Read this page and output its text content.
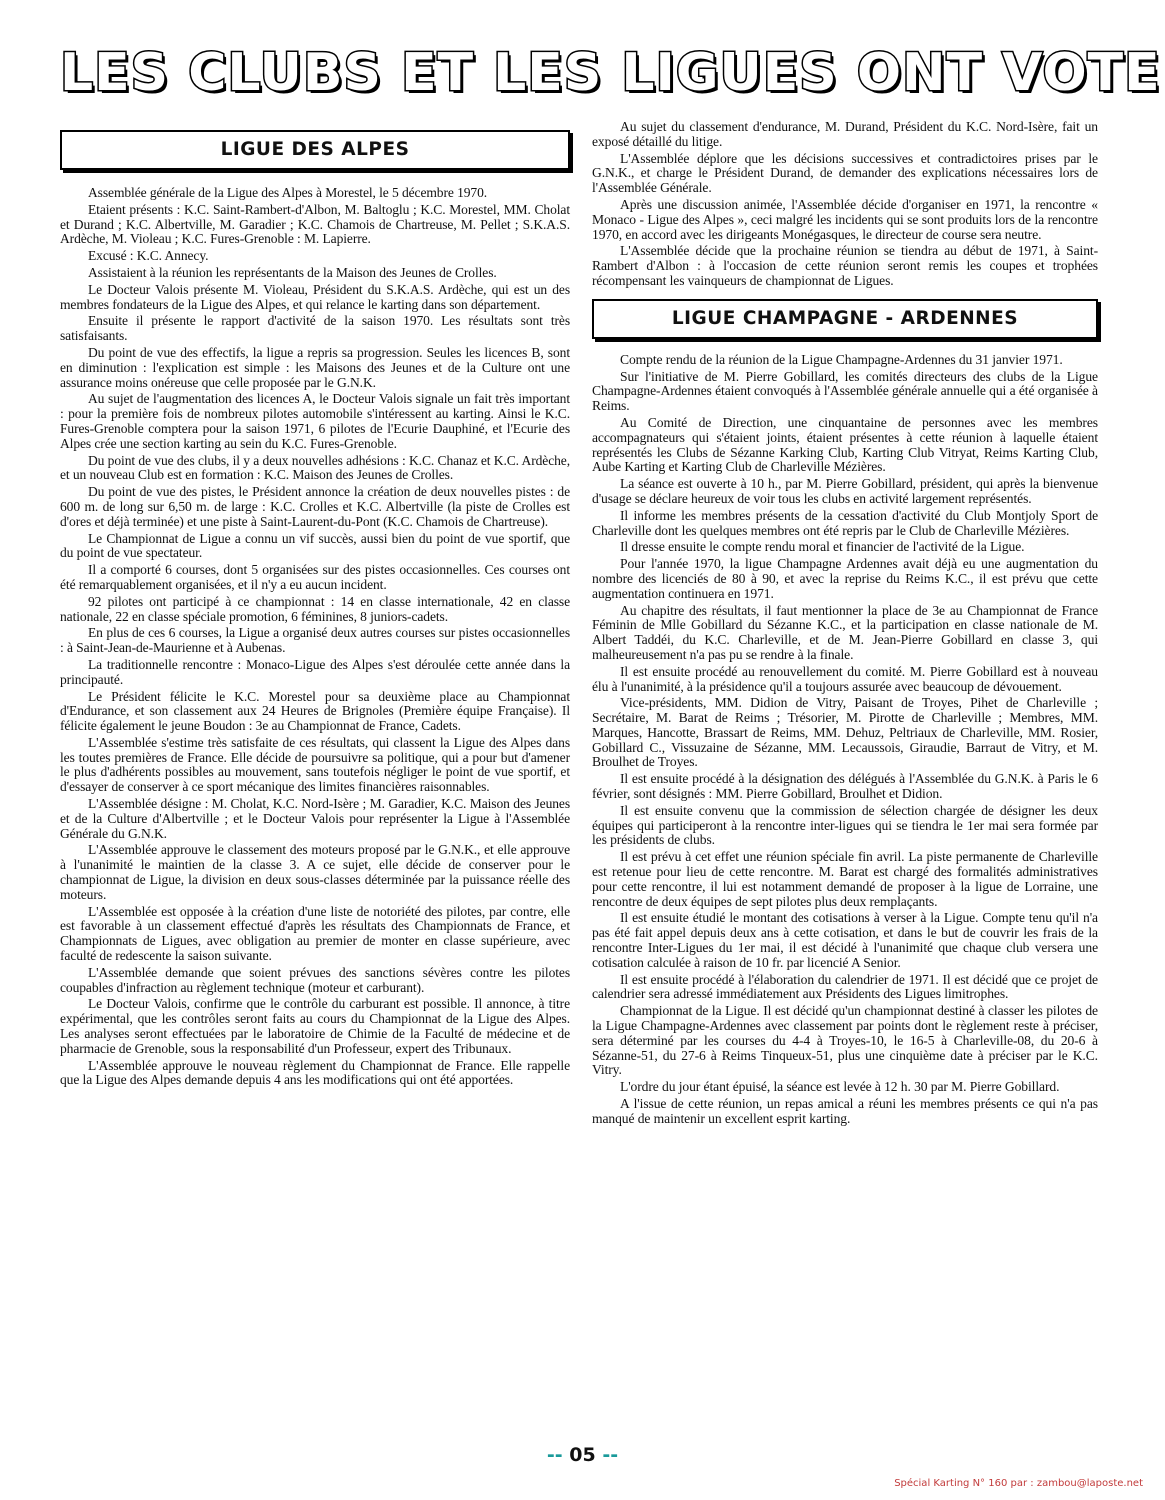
LES CLUBS ET LES LIGUES ONT VOTE
LIGUE DES ALPES

Assemblée générale de la Ligue des Alpes à Morestel, le 5 décembre 1970.

Etaient présents : K.C. Saint-Rambert-d'Albon, M. Baltoglu ; K.C. Morestel, MM. Cholat et Durand ; K.C. Albertville, M. Garadier ; K.C. Chamois de Chartreuse, M. Pellet ; S.K.A.S. Ardèche, M. Violeau ; K.C. Fures-Grenoble : M. Lapierre.

Excusé : K.C. Annecy.

Assistaient à la réunion les représentants de la Maison des Jeunes de Crolles.

Le Docteur Valois présente M. Violeau, Président du S.K.A.S. Ardèche, qui est un des membres fondateurs de la Ligue des Alpes, et qui relance le karting dans son département.

Ensuite il présente le rapport d'activité de la saison 1970. Les résultats sont très satisfaisants.

Du point de vue des effectifs, la ligue a repris sa progression. Seules les licences B, sont en diminution : l'explication est simple : les Maisons des Jeunes et de la Culture ont une assurance moins onéreuse que celle proposée par le G.N.K.

Au sujet de l'augmentation des licences A, le Docteur Valois signale un fait très important : pour la première fois de nombreux pilotes automobile s'intéressent au karting. Ainsi le K.C. Fures-Grenoble comptera pour la saison 1971, 6 pilotes de l'Ecurie Dauphiné, et l'Ecurie des Alpes crée une section karting au sein du K.C. Fures-Grenoble.

Du point de vue des clubs, il y a deux nouvelles adhésions : K.C. Chanaz et K.C. Ardèche, et un nouveau Club est en formation : K.C. Maison des Jeunes de Crolles.

Du point de vue des pistes, le Président annonce la création de deux nouvelles pistes : de 600 m. de long sur 6,50 m. de large : K.C. Crolles et K.C. Albertville (la piste de Crolles est d'ores et déjà terminée) et une piste à Saint-Laurent-du-Pont (K.C. Chamois de Chartreuse).

Le Championnat de Ligue a connu un vif succès, aussi bien du point de vue sportif, que du point de vue spectateur.

Il a comporté 6 courses, dont 5 organisées sur des pistes occasionnelles. Ces courses ont été remarquablement organisées, et il n'y a eu aucun incident.

92 pilotes ont participé à ce championnat : 14 en classe internationale, 42 en classe nationale, 22 en classe spéciale promotion, 6 féminines, 8 juniors-cadets.

En plus de ces 6 courses, la Ligue a organisé deux autres courses sur pistes occasionnelles : à Saint-Jean-de-Maurienne et à Aubenas.

La traditionnelle rencontre : Monaco-Ligue des Alpes s'est déroulée cette année dans la principauté.

Le Président félicite le K.C. Morestel pour sa deuxième place au Championnat d'Endurance, et son classement aux 24 Heures de Brignoles (Première équipe Française). Il félicite également le jeune Boudon : 3e au Championnat de France, Cadets.

L'Assemblée s'estime très satisfaite de ces résultats, qui classent la Ligue des Alpes dans les toutes premières de France. Elle décide de poursuivre sa politique, qui a pour but d'amener le plus d'adhérents possibles au mouvement, sans toutefois négliger le point de vue sportif, et d'essayer de conserver à ce sport mécanique des limites financières raisonnables.

L'Assemblée désigne : M. Cholat, K.C. Nord-Isère ; M. Garadier, K.C. Maison des Jeunes et de la Culture d'Albertville ; et le Docteur Valois pour représenter la Ligue à l'Assemblée Générale du G.N.K.

L'Assemblée approuve le classement des moteurs proposé par le G.N.K., et elle approuve à l'unanimité le maintien de la classe 3. A ce sujet, elle décide de conserver pour le championnat de Ligue, la division en deux sous-classes déterminée par la puissance réelle des moteurs.

L'Assemblée est opposée à la création d'une liste de notoriété des pilotes, par contre, elle est favorable à un classement effectué d'après les résultats des Championnats de France, et Championnats de Ligues, avec obligation au premier de monter en classe supérieure, avec faculté de redescente la saison suivante.

L'Assemblée demande que soient prévues des sanctions sévères contre les pilotes coupables d'infraction au règlement technique (moteur et carburant).

Le Docteur Valois, confirme que le contrôle du carburant est possible. Il annonce, à titre expérimental, que les contrôles seront faits au cours du Championnat de la Ligue des Alpes. Les analyses seront effectuées par le laboratoire de Chimie de la Faculté de médecine et de pharmacie de Grenoble, sous la responsabilité d'un Professeur, expert des Tribunaux.

L'Assemblée approuve le nouveau règlement du Championnat de France. Elle rappelle que la Ligue des Alpes demande depuis 4 ans les modifications qui ont été apportées.

Au sujet du classement d'endurance, M. Durand, Président du K.C. Nord-Isère, fait un exposé détaillé du litige.

L'Assemblée déplore que les décisions successives et contradictoires prises par le G.N.K., et charge le Président Durand, de demander des explications nécessaires lors de l'Assemblée Générale.

Après une discussion animée, l'Assemblée décide d'organiser en 1971, la rencontre « Monaco - Ligue des Alpes », ceci malgré les incidents qui se sont produits lors de la rencontre 1970, en accord avec les dirigeants Monégasques, le directeur de course sera neutre.

L'Assemblée décide que la prochaine réunion se tiendra au début de 1971, à Saint-Rambert d'Albon : à l'occasion de cette réunion seront remis les coupes et trophées récompensant les vainqueurs de championnat de Ligues.

LIGUE CHAMPAGNE - ARDENNES

Compte rendu de la réunion de la Ligue Champagne-Ardennes du 31 janvier 1971.

Sur l'initiative de M. Pierre Gobillard, les comités directeurs des clubs de la Ligue Champagne-Ardennes étaient convoqués à l'Assemblée générale annuelle qui a été organisée à Reims.

Au Comité de Direction, une cinquantaine de personnes avec les membres accompagnateurs qui s'étaient joints, étaient présentes à cette réunion à laquelle étaient représentés les Clubs de Sézanne Karking Club, Karting Club Vitryat, Reims Karting Club, Aube Karting et Karting Club de Charleville Mézières.

La séance est ouverte à 10 h., par M. Pierre Gobillard, président, qui après la bienvenue d'usage se déclare heureux de voir tous les clubs en activité largement représentés.

Il informe les membres présents de la cessation d'activité du Club Montjoly Sport de Charleville dont les quelques membres ont été repris par le Club de Charleville Mézières.

Il dresse ensuite le compte rendu moral et financier de l'activité de la Ligue.

Pour l'année 1970, la ligue Champagne Ardennes avait déjà eu une augmentation du nombre des licenciés de 80 à 90, et avec la reprise du Reims K.C., il est prévu que cette augmentation continuera en 1971.

Au chapitre des résultats, il faut mentionner la place de 3e au Championnat de France Féminin de Mlle Gobillard du Sézanne K.C., et la participation en classe nationale de M. Albert Taddéi, du K.C. Charleville, et de M. Jean-Pierre Gobillard en classe 3, qui malheureusement n'a pas pu se rendre à la finale.

Il est ensuite procédé au renouvellement du comité. M. Pierre Gobillard est à nouveau élu à l'unanimité, à la présidence qu'il a toujours assurée avec beaucoup de dévouement.

Vice-présidents, MM. Didion de Vitry, Paisant de Troyes, Pihet de Charleville ; Secrétaire, M. Barat de Reims ; Trésorier, M. Pirotte de Charleville ; Membres, MM. Marques, Hancotte, Brassart de Reims, MM. Dehuz, Peltriaux de Charleville, MM. Rosier, Gobillard C., Vissuzaine de Sézanne, MM. Lecaussois, Giraudie, Barraut de Vitry, et M. Broulhet de Troyes.

Il est ensuite procédé à la désignation des délégués à l'Assemblée du G.N.K. à Paris le 6 février, sont désignés : MM. Pierre Gobillard, Broulhet et Didion.

Il est ensuite convenu que la commission de sélection chargée de désigner les deux équipes qui participeront à la rencontre inter-ligues qui se tiendra le 1er mai sera formée par les présidents de clubs.

Il est prévu à cet effet une réunion spéciale fin avril. La piste permanente de Charleville est retenue pour lieu de cette rencontre. M. Barat est chargé des formalités administratives pour cette rencontre, il lui est notamment demandé de proposer à la ligue de Lorraine, une rencontre de deux équipes de sept pilotes plus deux remplaçants.

Il est ensuite étudié le montant des cotisations à verser à la Ligue. Compte tenu qu'il n'a pas été fait appel depuis deux ans à cette cotisation, et dans le but de couvrir les frais de la rencontre Inter-Ligues du 1er mai, il est décidé à l'unanimité que chaque club versera une cotisation calculée à raison de 10 fr. par licencié A Senior.

Il est ensuite procédé à l'élaboration du calendrier de 1971. Il est décidé que ce projet de calendrier sera adressé immédiatement aux Présidents des Ligues limitrophes.

Championnat de la Ligue. Il est décidé qu'un championnat destiné à classer les pilotes de la Ligue Champagne-Ardennes avec classement par points dont le règlement reste à préciser, sera déterminé par les courses du 4-4 à Troyes-10, le 16-5 à Charleville-08, du 20-6 à Sézanne-51, du 27-6 à Reims Tinqueux-51, plus une cinquième date à préciser par le K.C. Vitry.

L'ordre du jour étant épuisé, la séance est levée à 12 h. 30 par M. Pierre Gobillard.

A l'issue de cette réunion, un repas amical a réuni les membres présents ce qui n'a pas manqué de maintenir un excellent esprit karting.

-- 05 --
Spécial Karting N° 160 par : zambou@laposte.net
